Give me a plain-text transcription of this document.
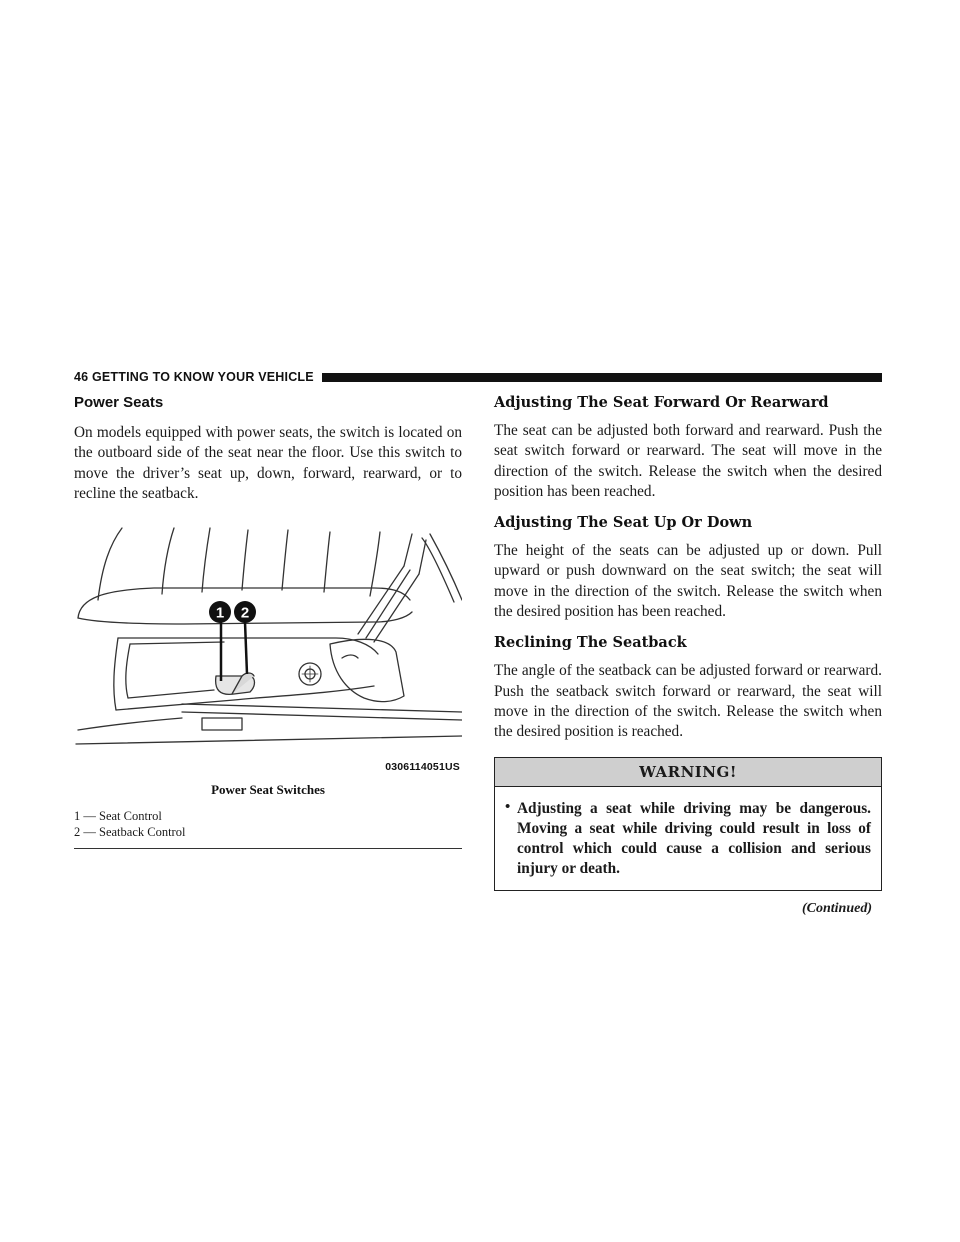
46 GETTING TO KNOW YOUR VEHICLE
Power Seats

On models equipped with power seats, the switch is located on the outboard side of the seat near the floor. Use this switch to move the driver’s seat up, down, forward, rearward, or to recline the seatback.

1 2
0306114051US
Power Seat Switches
1 — Seat Control
2 — Seatback Control
Adjusting The Seat Forward Or Rearward

The seat can be adjusted both forward and rearward. Push the seat switch forward or rearward. The seat will move in the direction of the switch. Release the switch when the desired position has been reached.

Adjusting The Seat Up Or Down

The height of the seats can be adjusted up or down. Pull upward or push downward on the seat switch; the seat will move in the direction of the switch. Release the switch when the desired position has been reached.

Reclining The Seatback

The angle of the seatback can be adjusted forward or rearward. Push the seatback switch forward or rearward, the seat will move in the direction of the switch. Release the switch when the desired position is reached.

WARNING!
• Adjusting a seat while driving may be dangerous. Moving a seat while driving could result in loss of control which could cause a collision and serious injury or death.
(Continued)
